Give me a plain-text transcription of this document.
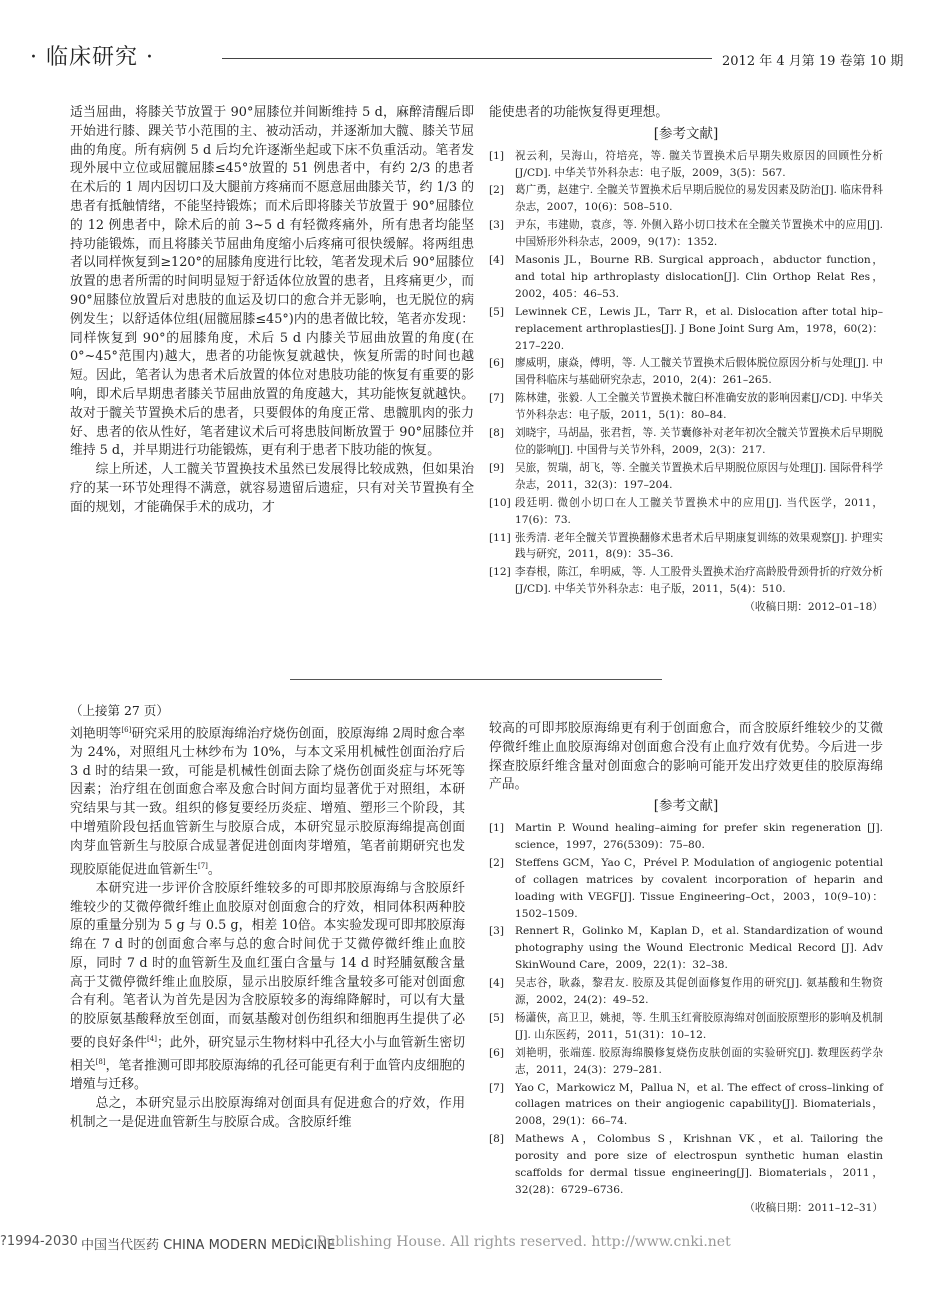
· 临床研究 ·	2012 年 4 月第 19 卷第 10 期

适当屈曲，将膝关节放置于 90°屈膝位并间断维持 5 d，麻醉清醒后即开始进行膝、踝关节小范围的主、被动活动，并逐渐加大髋、膝关节屈曲的角度。所有病例 5 d 后均允许逐渐坐起或下床不负重活动。笔者发现外展中立位或屈髋屈膝≤45°放置的 51 例患者中，有约 2/3 的患者在术后的 1 周内因切口及大腿前方疼痛而不愿意屈曲膝关节，约 1/3 的患者有抵触情绪，不能坚持锻炼；而术后即将膝关节放置于 90°屈膝位的 12 例患者中，除术后的前 3~5 d 有轻微疼痛外，所有患者均能坚持功能锻炼，而且将膝关节屈曲角度缩小后疼痛可很快缓解。将两组患者以同样恢复到≥120°的屈膝角度进行比较，笔者发现术后 90°屈膝位放置的患者所需的时间明显短于舒适体位放置的患者，且疼痛更少，而 90°屈膝位放置后对患肢的血运及切口的愈合并无影响，也无脱位的病例发生；以舒适体位组(屈髋屈膝≤45°)内的患者做比较，笔者亦发现：同样恢复到 90°的屈膝角度，术后 5 d 内膝关节屈曲放置的角度(在 0°~45°范围内)越大，患者的功能恢复就越快，恢复所需的时间也越短。因此，笔者认为患者术后放置的体位对患肢功能的恢复有重要的影响，即术后早期患者膝关节屈曲放置的角度越大，其功能恢复就越快。故对于髋关节置换术后的患者，只要假体的角度正常、患髋肌肉的张力好、患者的依从性好，笔者建议术后可将患肢间断放置于 90°屈膝位并维持 5 d，并早期进行功能锻炼，更有利于患者下肢功能的恢复。

综上所述，人工髋关节置换技术虽然已发展得比较成熟，但如果治疗的某一环节处理得不满意，就容易遗留后遗症，只有对关节置换有全面的规划，才能确保手术的成功，才

能使患者的功能恢复得更理想。

[参考文献]
[1]	祝云利，吴海山，符培亮，等. 髋关节置换术后早期失败原因的回顾性分析[J/CD]. 中华关节外科杂志：电子版，2009，3(5)：567.
[2]	葛广勇，赵建宁. 全髋关节置换术后早期后脱位的易发因素及防治[J]. 临床骨科杂志，2007，10(6)：508–510.
[3]	尹东，韦建勋，袁彦，等. 外侧入路小切口技术在全髋关节置换术中的应用[J]. 中国矫形外科杂志，2009，9(17)：1352.
[4]	Masonis JL，Bourne RB. Surgical approach，abductor function，and total hip arthroplasty dislocation[J]. Clin Orthop Relat Res，2002，405：46–53.
[5]	Lewinnek CE，Lewis JL，Tarr R，et al. Dislocation after total hip–replacement arthroplasties[J]. J Bone Joint Surg Am，1978，60(2)：217–220.
[6]	廖威明，康焱，傅明，等. 人工髋关节置换术后假体脱位原因分析与处理[J]. 中国骨科临床与基础研究杂志，2010，2(4)：261–265.
[7]	陈林建，张毅. 人工全髋关节置换术髋臼杯准确安放的影响因素[J/CD]. 中华关节外科杂志：电子版，2011，5(1)：80–84.
[8]	刘晓宇，马胡晶，张君哲，等. 关节囊修补对老年初次全髋关节置换术后早期脱位的影响[J]. 中国骨与关节外科，2009，2(3)：217.
[9]	吴旅，贺瑞，胡飞，等. 全髋关节置换术后早期脱位原因与处理[J]. 国际骨科学杂志，2011，32(3)：197–204.
[10] 段廷明. 微创小切口在人工髋关节置换术中的应用[J]. 当代医学，2011，17(6)：73.
[11] 张秀清. 老年全髋关节置换翻修术患者术后早期康复训练的效果观察[J]. 护理实践与研究，2011，8(9)：35–36.
[12] 李春根，陈江，牟明威，等. 人工股骨头置换术治疗高龄股骨颈骨折的疗效分析[J/CD]. 中华关节外科杂志：电子版，2011，5(4)：510.
（收稿日期：2012–01–18）

（上接第 27 页）

刘艳明等[6]研究采用的胶原海绵治疗烧伤创面，胶原海绵 2周时愈合率为 24%，对照组凡士林纱布为 10%，与本文采用机械性创面治疗后 3 d 时的结果一致，可能是机械性创面去除了烧伤创面炎症与坏死等因素；治疗组在创面愈合率及愈合时间方面均显著优于对照组，本研究结果与其一致。组织的修复要经历炎症、增殖、塑形三个阶段，其中增殖阶段包括血管新生与胶原合成，本研究显示胶原海绵提高创面肉芽血管新生与胶原合成显著促进创面肉芽增殖，笔者前期研究也发现胶原能促进血管新生[7]。

本研究进一步评价含胶原纤维较多的可即邦胶原海绵与含胶原纤维较少的艾微停微纤维止血胶原对创面愈合的疗效，相同体积两种胶原的重量分别为 5 g 与 0.5 g，相差 10倍。本实验发现可即邦胶原海绵在 7 d 时的创面愈合率与总的愈合时间优于艾微停微纤维止血胶原，同时 7 d 时的血管新生及血红蛋白含量与 14 d 时羟脯氨酸含量高于艾微停微纤维止血胶原，显示出胶原纤维含量较多可能对创面愈合有利。笔者认为首先是因为含胶原较多的海绵降解时，可以有大量的胶原氨基酸释放至创面，而氨基酸对创伤组织和细胞再生提供了必要的良好条件[4]；此外，研究显示生物材料中孔径大小与血管新生密切相关[8]，笔者推测可即邦胶原海绵的孔径可能更有利于血管内皮细胞的增殖与迁移。

总之，本研究显示出胶原海绵对创面具有促进愈合的疗效，作用机制之一是促进血管新生与胶原合成。含胶原纤维

较高的可即邦胶原海绵更有利于创面愈合，而含胶原纤维较少的艾微停微纤维止血胶原海绵对创面愈合没有止血疗效有优势。今后进一步探查胶原纤维含量对创面愈合的影响可能开发出疗效更佳的胶原海绵产品。

[参考文献]
[1]	Martin P. Wound healing–aiming for prefer skin regeneration [J]. science，1997，276(5309)：75–80.
[2]	Steffens GCM，Yao C，Prével P. Modulation of angiogenic potential of collagen matrices by covalent incorporation of heparin and loading with VEGF[J]. Tissue Engineering–Oct，2003，10(9–10)：1502–1509.
[3]	Rennert R，Golinko M，Kaplan D，et al. Standardization of wound photography using the Wound Electronic Medical Record [J]. Adv SkinWound Care，2009，22(1)：32–38.
[4]	吴志谷，耿淼，黎君友. 胶原及其促创面修复作用的研究[J]. 氨基酸和生物资源，2002，24(2)：49–52.
[5]	杨瀟俠，高卫卫，姚昶，等. 生肌玉红膏胶原海绵对创面胶原塑形的影响及机制[J]. 山东医药，2011，51(31)：10–12.
[6]	刘艳明，张端莲. 胶原海绵膜修复烧伤皮肤创面的实验研究[J]. 数理医药学杂志，2011，24(3)：279–281.
[7]	Yao C，Markowicz M，Pallua N，et al. The effect of cross–linking of collagen matrices on their angiogenic capability[J]. Biomaterials，2008，29(1)：66–74.
[8]	Mathews A，Colombus S，Krishnan VK，et al. Tailoring the porosity and pore size of electrospun synthetic human elastin scaffolds for dermal tissue engineering[J]. Biomaterials，2011，32(28)：6729–6736.
（收稿日期：2011–12–31）
?1994-2030 中国当代医药 CHINA MODERN MEDICINE
ic Publishing House. All rights reserved. http://www.cnki.net
